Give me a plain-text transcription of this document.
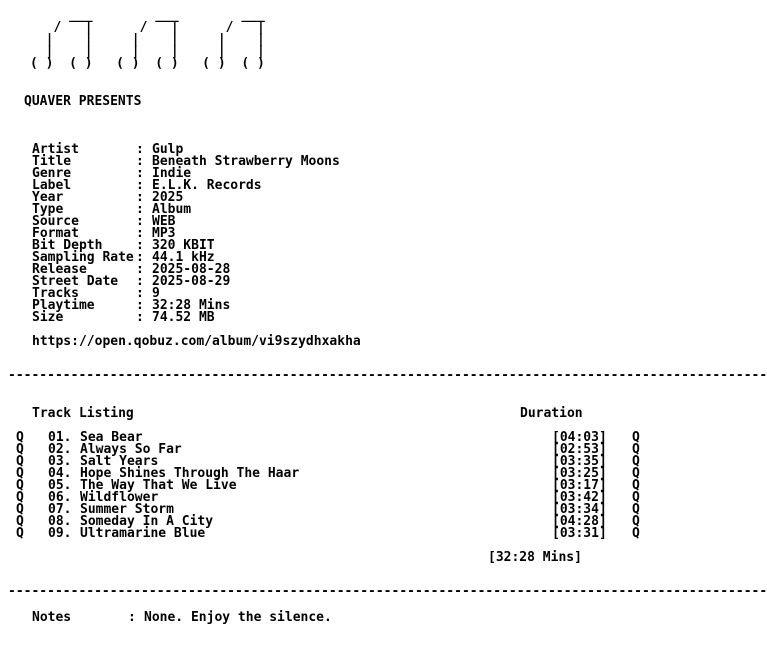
___        ___        ___
/   |      /   |      /   |
|    |     |    |     |    |
|    |     |    |     |    |
( )  ( )   ( )  ( )   ( )  ( )
QUAVER PRESENTS
Artist	: Gulp
Title	: Beneath Strawberry Moons
Genre	: Indie
Label	: E.L.K. Records
Year	: 2025
Type	: Album
Source	: WEB
Format	: MP3
Bit Depth	: 320 KBIT
Sampling Rate : 44.1 kHz
Release	: 2025-08-28
Street Date : 2025-08-29
Tracks	: 9
Playtime	: 32:28 Mins
Size	: 74.52 MB
https://open.qobuz.com/album/vi9szydhxakha
-------------------------------------------------------------------------------------------------
Track Listing	Duration
Q 01. Sea Bear	[04:03] Q
Q 02. Always So Far	[02:53] Q
Q 03. Salt Years	[03:35] Q
Q 04. Hope Shines Through The Haar	[03:25] Q
Q 05. The Way That We Live	[03:17] Q
Q 06. Wildflower	[03:42] Q
Q 07. Summer Storm	[03:34] Q
Q 08. Someday In A City	[04:28] Q
Q 09. Ultramarine Blue	[03:31] Q
[32:28 Mins]
-------------------------------------------------------------------------------------------------
Notes	: None. Enjoy the silence.
